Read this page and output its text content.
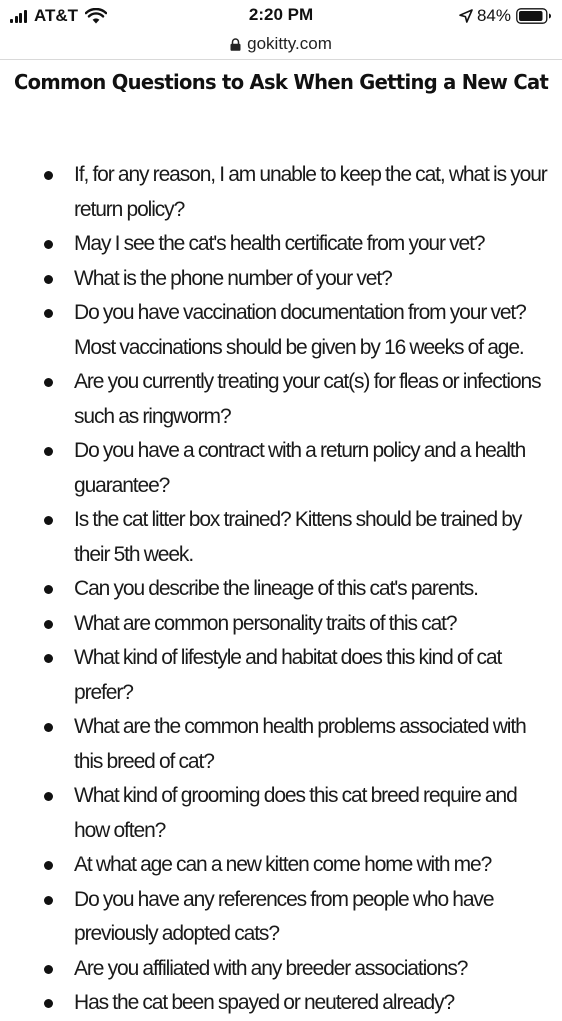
AT&T	2:20 PM	84%
gokitty.com
Common Questions to Ask When Getting a New Cat
If, for any reason, I am unable to keep the cat, what is your return policy?
May I see the cat's health certificate from your vet?
What is the phone number of your vet?
Do you have vaccination documentation from your vet? Most vaccinations should be given by 16 weeks of age.
Are you currently treating your cat(s) for fleas or infections such as ringworm?
Do you have a contract with a return policy and a health guarantee?
Is the cat litter box trained? Kittens should be trained by their 5th week.
Can you describe the lineage of this cat's parents.
What are common personality traits of this cat?
What kind of lifestyle and habitat does this kind of cat prefer?
What are the common health problems associated with this breed of cat?
What kind of grooming does this cat breed require and how often?
At what age can a new kitten come home with me?
Do you have any references from people who have previously adopted cats?
Are you affiliated with any breeder associations?
Has the cat been spayed or neutered already?
